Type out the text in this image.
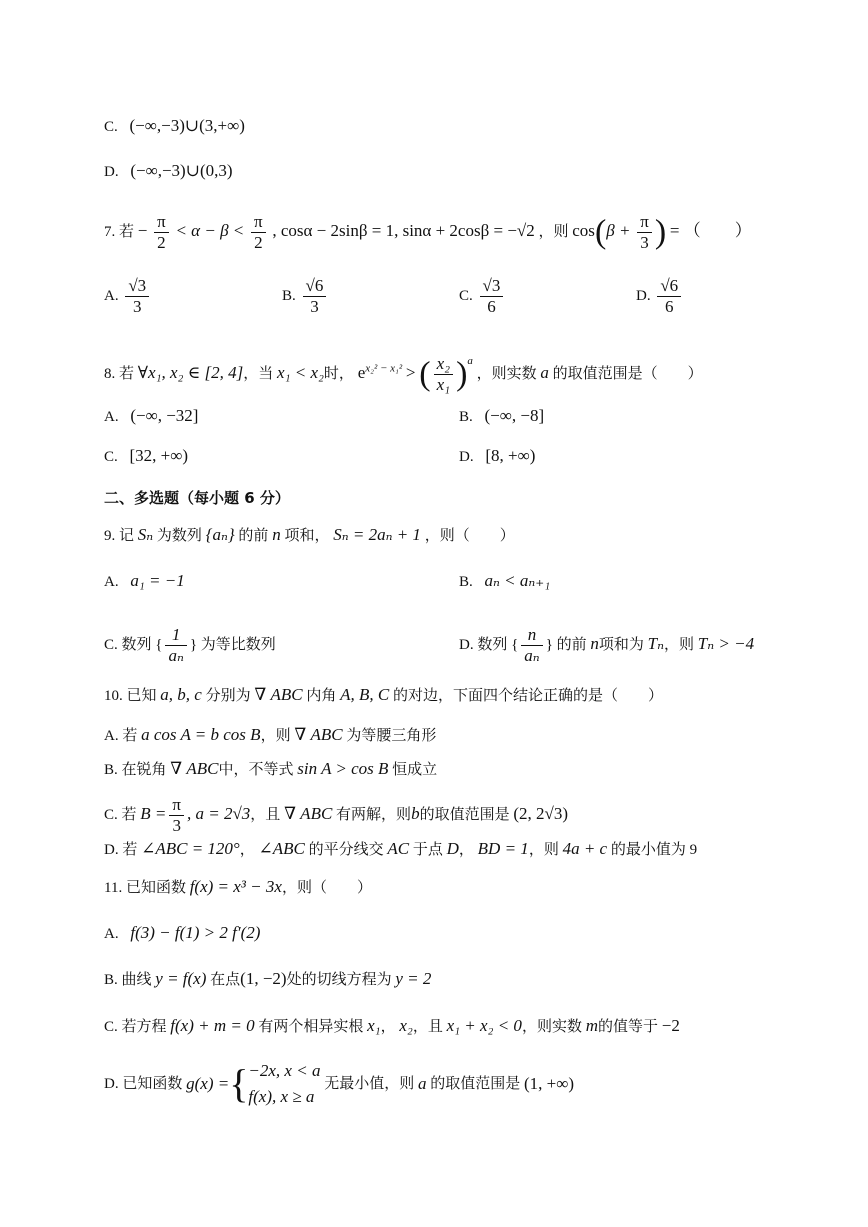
C. (−∞,−3)∪(3,+∞)
D. (−∞,−3)∪(0,3)
7. 若 − $\frac{\pi}{2} < \alpha - \beta < \frac{\pi}{2}$ , cosα − 2sinβ = 1, sinα + 2cosβ = −√2 ，则 $\cos(\beta + \frac{\pi}{3}$ ) = （　　）
A. $\frac{√3}{3}$	B. $\frac{√6}{3}$	C. $\frac{√3}{6}$	D. $\frac{√6}{6}$
8. 若 ∀x₁, x₂ ∈ [2, 4]，当 x₁ < x₂时， $e^{x_2^2 - x_1^2}$ > ( $\frac{\text{x₂}}{\text{x₁}} )^a$ ，则实数 a 的取值范围是（　　）
A. (−∞, −32]	B. (−∞, −8]
C. [32, +∞)	D. [8, +∞)
二、多选题（每小题 6 分）
9. 记 Sₙ 为数列 {aₙ} 的前 n 项和， Sₙ = 2aₙ + 1 ，则（　　）
A. a₁ = −1	B. aₙ < aₙ₊₁
C. 数列 { $\frac{1}{\text{aₙ}}$ } 为等比数列	D. 数列 { $\frac{n}{\text{aₙ}}$ } 的前 n项和为 Tₙ，则 Tₙ > −4
10. 已知 a, b, c 分别为 ∇ ABC 内角 A, B, C 的对边，下面四个结论正确的是（　　）
A. 若 a cos A = b cos B，则 ∇ ABC 为等腰三角形
B. 在锐角 ∇ ABC中，不等式 sin A > cos B 恒成立
C. 若 $B = \frac{\pi}{3}$ , a = 2√3，且 ∇ ABC 有两解，则b的取值范围是 (2, 2√3)
D. 若 ∠ABC = 120°， ∠ABC 的平分线交 AC 于点 D， BD = 1，则 4a + c 的最小值为 9
11. 已知函数 f(x) = x³ − 3x，则（　　）
A. f(3) − f(1) > 2 f′(2)
B. 曲线 y = f(x) 在点(1, −2)处的切线方程为 y = 2
C. 若方程 f(x) + m = 0 有两个相异实根 x₁， x₂，且 x₁ + x₂ < 0，则实数 m的值等于 −2
D. 已知函数 g(x) ={ −2x, x < a
f(x), x ≥ a
无最小值，则 a 的取值范围是 (1, +∞)
